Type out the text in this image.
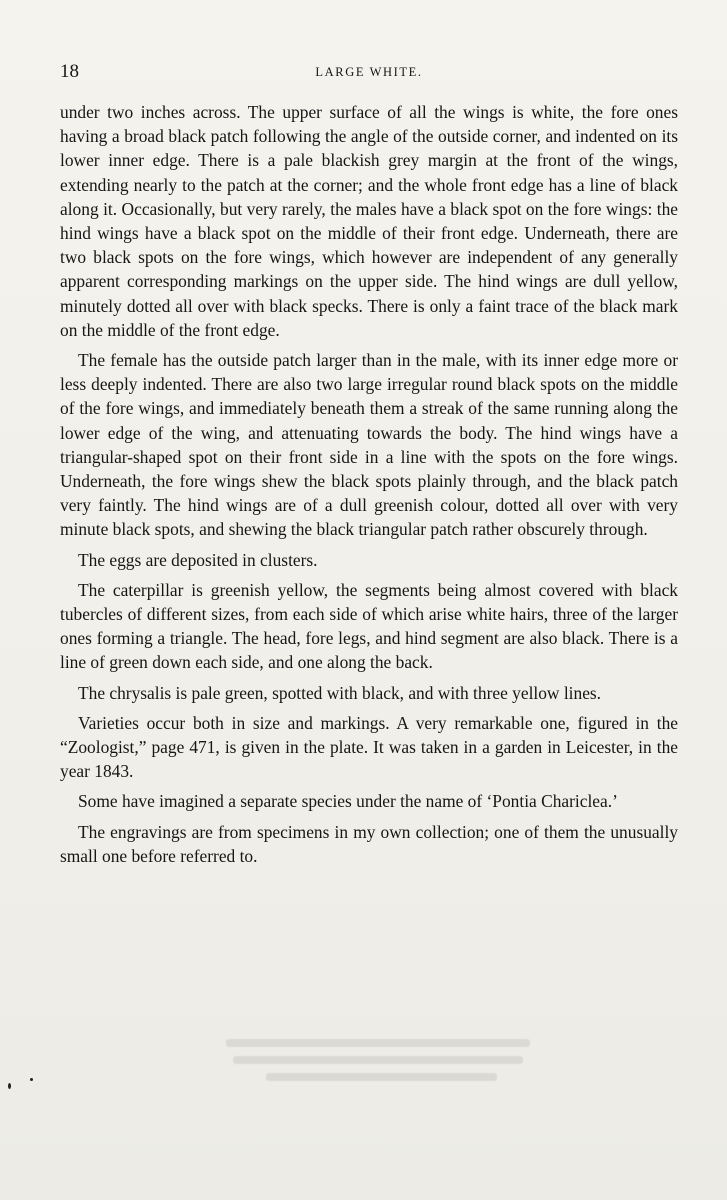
18	LARGE WHITE.

under two inches across. The upper surface of all the wings is white, the fore ones having a broad black patch following the angle of the outside corner, and indented on its lower inner edge. There is a pale blackish grey margin at the front of the wings, extending nearly to the patch at the corner; and the whole front edge has a line of black along it. Occasionally, but very rarely, the males have a black spot on the fore wings: the hind wings have a black spot on the middle of their front edge. Underneath, there are two black spots on the fore wings, which however are independent of any generally apparent corresponding markings on the upper side. The hind wings are dull yellow, minutely dotted all over with black specks. There is only a faint trace of the black mark on the middle of the front edge.

The female has the outside patch larger than in the male, with its inner edge more or less deeply indented. There are also two large irregular round black spots on the middle of the fore wings, and immediately beneath them a streak of the same running along the lower edge of the wing, and attenuating towards the body. The hind wings have a triangular-shaped spot on their front side in a line with the spots on the fore wings. Underneath, the fore wings shew the black spots plainly through, and the black patch very faintly. The hind wings are of a dull greenish colour, dotted all over with very minute black spots, and shewing the black triangular patch rather obscurely through.

The eggs are deposited in clusters.

The caterpillar is greenish yellow, the segments being almost covered with black tubercles of different sizes, from each side of which arise white hairs, three of the larger ones forming a triangle. The head, fore legs, and hind segment are also black. There is a line of green down each side, and one along the back.

The chrysalis is pale green, spotted with black, and with three yellow lines.

Varieties occur both in size and markings. A very remarkable one, figured in the “Zoologist,” page 471, is given in the plate. It was taken in a garden in Leicester, in the year 1843.

Some have imagined a separate species under the name of ‘Pontia Chariclea.’

The engravings are from specimens in my own collection; one of them the unusually small one before referred to.
